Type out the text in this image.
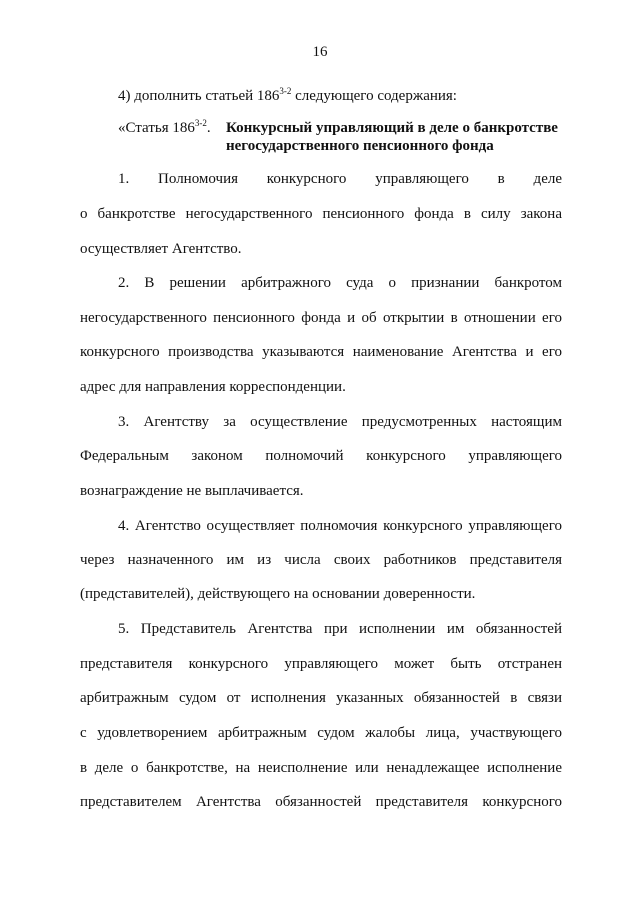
16
4) дополнить статьей 186$^{3-2}$ следующего содержания:
«Статья 186$^{3-2}$. Конкурсный управляющий в деле о банкротстве
негосударственного пенсионного фонда
1. Полномочия конкурсного управляющего в деле
о банкротстве негосударственного пенсионного фонда в силу закона
осуществляет Агентство.
2. В решении арбитражного суда о признании банкротом
негосударственного пенсионного фонда и об открытии в отношении его
конкурсного производства указываются наименование Агентства и его
адрес для направления корреспонденции.
3. Агентству за осуществление предусмотренных настоящим
Федеральным законом полномочий конкурсного управляющего
вознаграждение не выплачивается.
4. Агентство осуществляет полномочия конкурсного управляющего
через назначенного им из числа своих работников представителя
(представителей), действующего на основании доверенности.
5. Представитель Агентства при исполнении им обязанностей
представителя конкурсного управляющего может быть отстранен
арбитражным судом от исполнения указанных обязанностей в связи
с удовлетворением арбитражным судом жалобы лица, участвующего
в деле о банкротстве, на неисполнение или ненадлежащее исполнение
представителем Агентства обязанностей представителя конкурсного
